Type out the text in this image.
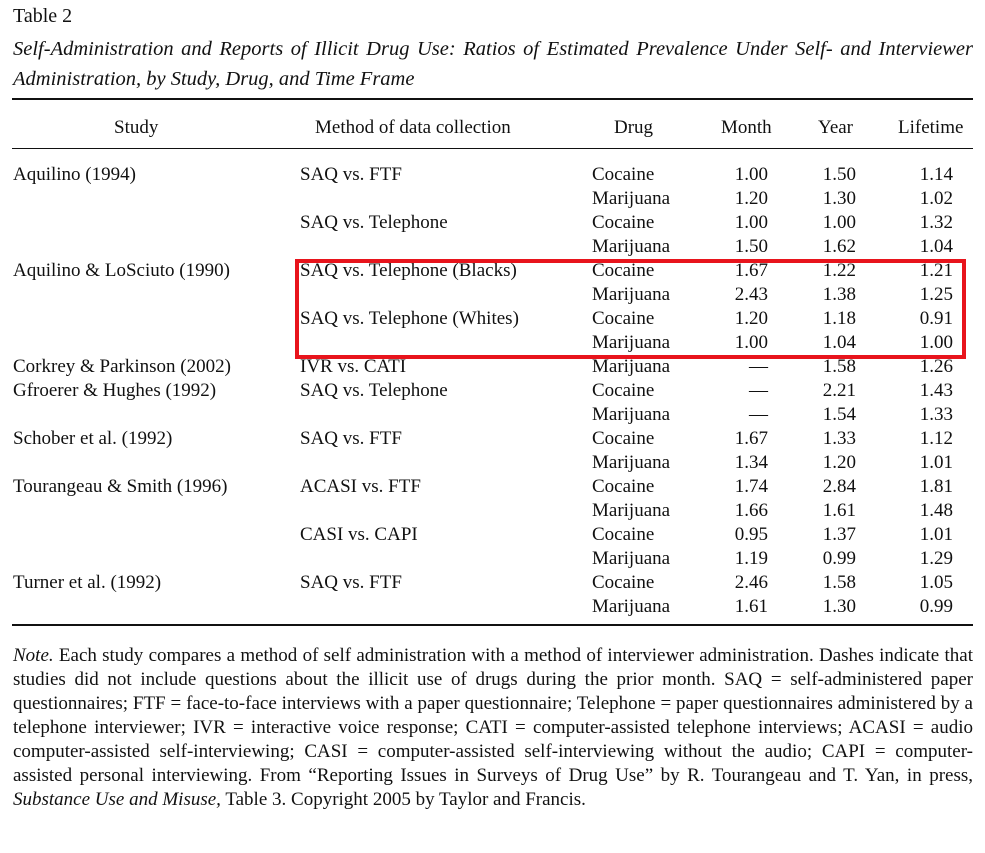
Table 2
Self-Administration and Reports of Illicit Drug Use: Ratios of Estimated Prevalence Under Self- and Interviewer Administration, by Study, Drug, and Time Frame
Study	Method of data collection	Drug	Month Year Lifetime
Aquilino (1994)	SAQ vs. FTF	Cocaine	1.00	1.50	1.14
Marijuana	1.20	1.30	1.02
SAQ vs. Telephone	Cocaine	1.00	1.00	1.32
Marijuana	1.50	1.62	1.04
Aquilino & LoSciuto (1990)	SAQ vs. Telephone (Blacks)	Cocaine	1.67	1.22	1.21
Marijuana	2.43	1.38	1.25
SAQ vs. Telephone (Whites)	Cocaine	1.20	1.18	0.91
Marijuana	1.00	1.04	1.00
Corkrey & Parkinson (2002)	IVR vs. CATI	Marijuana	—	1.58	1.26
Gfroerer & Hughes (1992)	SAQ vs. Telephone	Cocaine	—	2.21	1.43
Marijuana	—	1.54	1.33
Schober et al. (1992)	SAQ vs. FTF	Cocaine	1.67	1.33	1.12
Marijuana	1.34	1.20	1.01
Tourangeau & Smith (1996)	ACASI vs. FTF	Cocaine	1.74	2.84	1.81
Marijuana	1.66	1.61	1.48
CASI vs. CAPI	Cocaine	0.95	1.37	1.01
Marijuana	1.19	0.99	1.29
Turner et al. (1992)	SAQ vs. FTF	Cocaine	2.46	1.58	1.05
Marijuana	1.61	1.30	0.99
Note. Each study compares a method of self administration with a method of interviewer administration. Dashes indicate that studies did not include questions about the illicit use of drugs during the prior month. SAQ = self-administered paper questionnaires; FTF = face-to-face interviews with a paper questionnaire; Telephone = paper questionnaires administered by a telephone interviewer; IVR = interactive voice response; CATI = computer-assisted telephone interviews; ACASI = audio computer-assisted self-interviewing; CASI = computer-assisted self-interviewing without the audio; CAPI = computer-assisted personal interviewing. From “Reporting Issues in Surveys of Drug Use” by R. Tourangeau and T. Yan, in press, Substance Use and Misuse, Table 3. Copyright 2005 by Taylor and Francis.
